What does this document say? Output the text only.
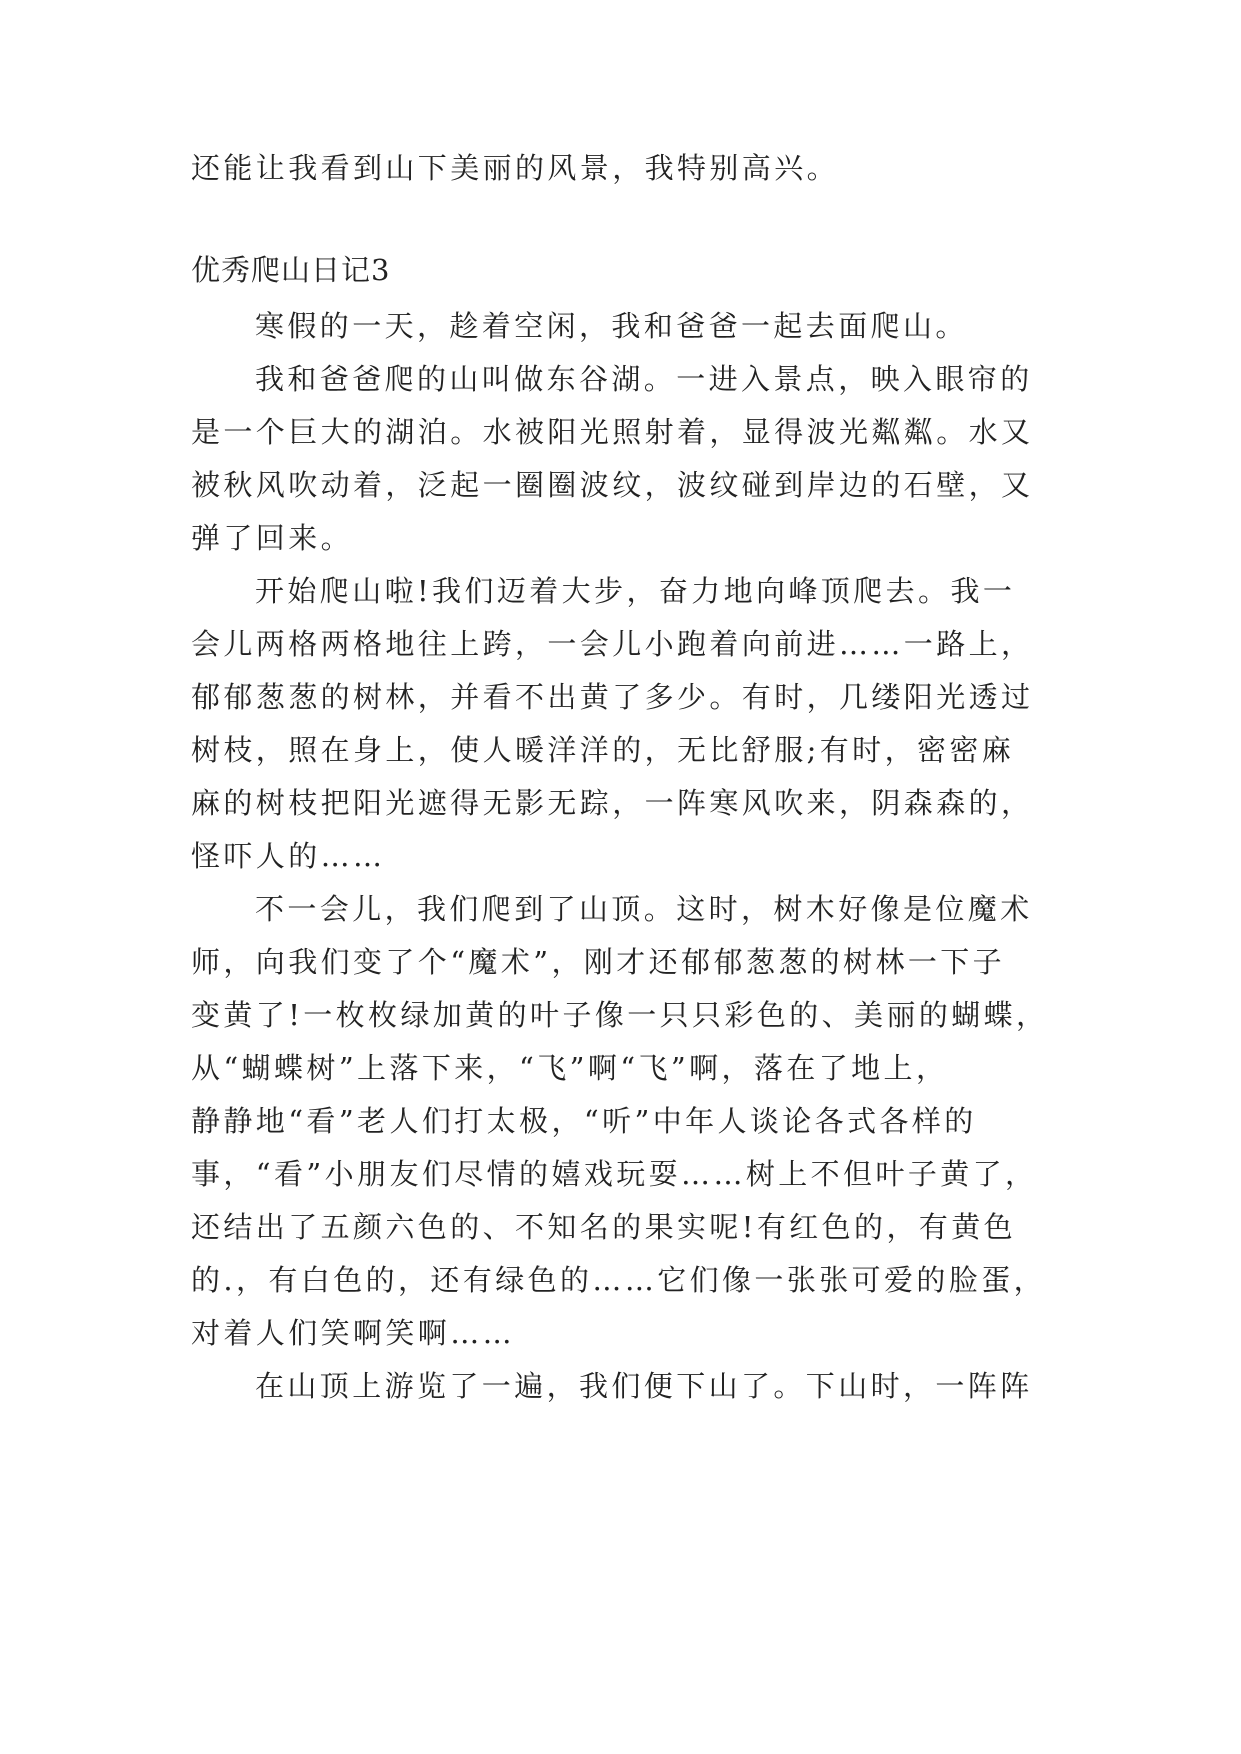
还能让我看到山下美丽的风景，我特别高兴。
优秀爬山日记3
寒假的一天，趁着空闲，我和爸爸一起去面爬山。
我和爸爸爬的山叫做东谷湖。一进入景点，映入眼帘的
是一个巨大的湖泊。水被阳光照射着，显得波光粼粼。水又
被秋风吹动着，泛起一圈圈波纹，波纹碰到岸边的石壁，又
弹了回来。
开始爬山啦!我们迈着大步，奋力地向峰顶爬去。我一
会儿两格两格地往上跨，一会儿小跑着向前进……一路上，
郁郁葱葱的树林，并看不出黄了多少。有时，几缕阳光透过
树枝，照在身上，使人暖洋洋的，无比舒服;有时，密密麻
麻的树枝把阳光遮得无影无踪，一阵寒风吹来，阴森森的，
怪吓人的……
不一会儿，我们爬到了山顶。这时，树木好像是位魔术
师，向我们变了个“魔术”，刚才还郁郁葱葱的树林一下子
变黄了!一枚枚绿加黄的叶子像一只只彩色的、美丽的蝴蝶，
从“蝴蝶树”上落下来，“飞”啊“飞”啊，落在了地上，
静静地“看”老人们打太极，“听”中年人谈论各式各样的
事，“看”小朋友们尽情的嬉戏玩耍……树上不但叶子黄了，
还结出了五颜六色的、不知名的果实呢!有红色的，有黄色
的.，有白色的，还有绿色的……它们像一张张可爱的脸蛋，
对着人们笑啊笑啊……
在山顶上游览了一遍，我们便下山了。下山时，一阵阵
